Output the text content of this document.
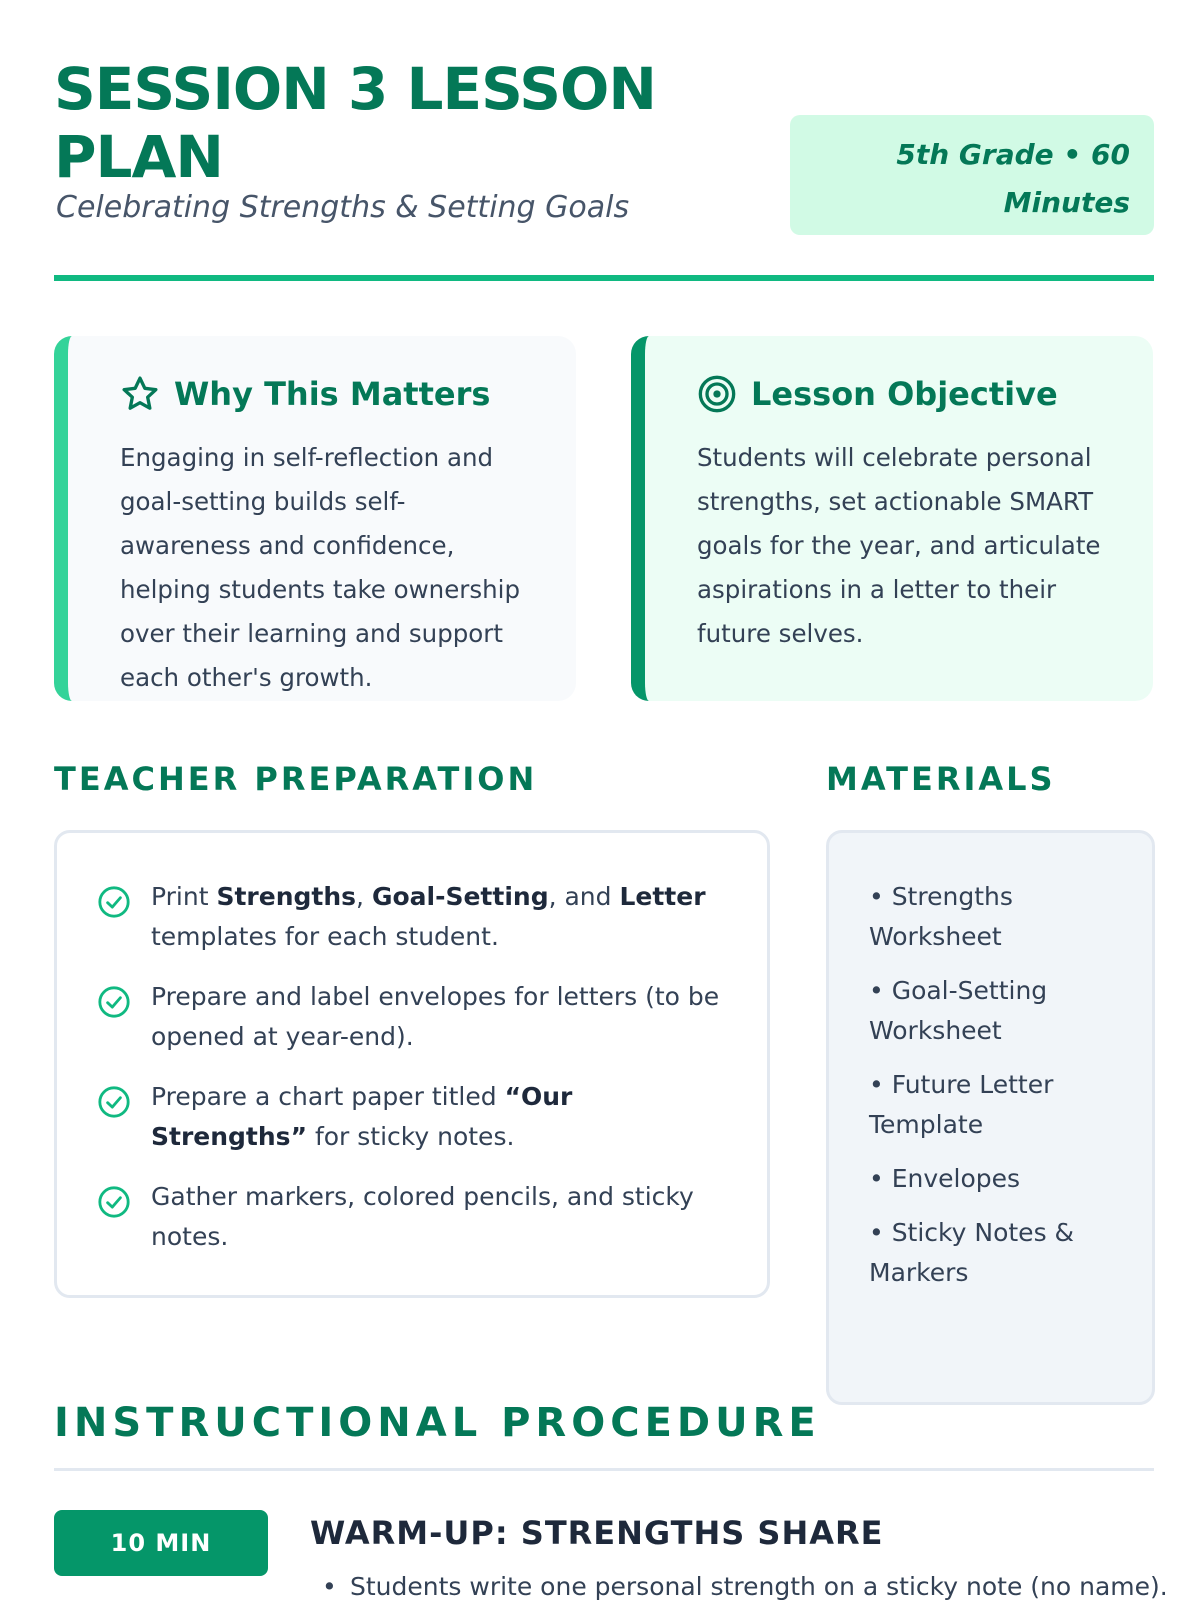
SESSION 3 LESSON PLAN
Celebrating Strengths & Setting Goals
5th Grade • 60 Minutes
Why This Matters
Engaging in self-reflection and goal-setting builds self-awareness and confidence, helping students take ownership over their learning and support each other's growth.
Lesson Objective
Students will celebrate personal strengths, set actionable SMART goals for the year, and articulate aspirations in a letter to their future selves.
TEACHER PREPARATION
Print Strengths, Goal-Setting, and Letter templates for each student.
Prepare and label envelopes for letters (to be opened at year-end).
Prepare a chart paper titled “Our Strengths” for sticky notes.
Gather markers, colored pencils, and sticky notes.
MATERIALS
• Strengths Worksheet
• Goal-Setting Worksheet
• Future Letter Template
• Envelopes
• Sticky Notes & Markers
INSTRUCTIONAL PROCEDURE
10 MIN	WARM-UP: STRENGTHS SHARE
• Students write one personal strength on a sticky note (no name).
